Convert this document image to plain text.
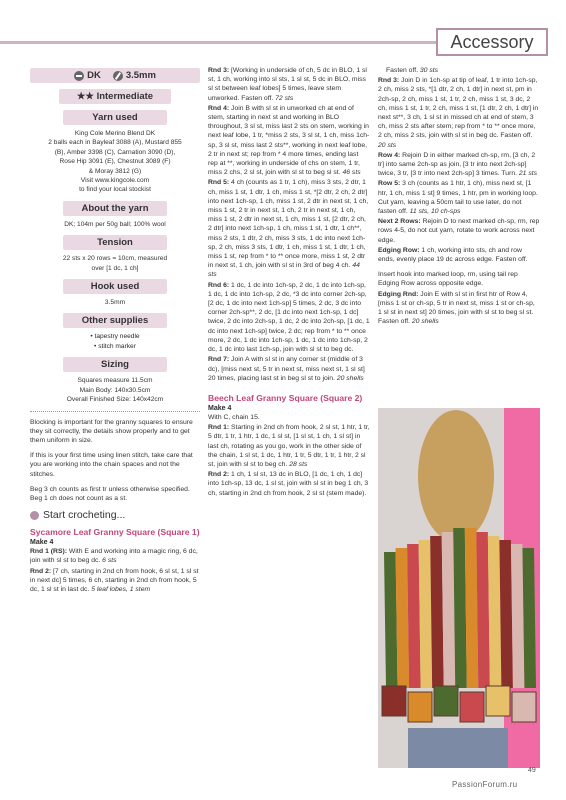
Accessory
DK	3.5mm
★★ Intermediate
Yarn used
King Cole Merino Blend DK
2 balls each in Bayleaf 3088 (A), Mustard 855
(B), Amber 3398 (C), Carnation 3090 (D),
Rose Hip 3091 (E), Chestnut 3089 (F)
& Moray 3812 (G)
Visit www.kingcole.com
to find your local stockist
About the yarn
DK; 104m per 50g ball; 100% wool
Tension
22 sts x 20 rows = 10cm, measured
over [1 dc, 1 ch]
Hook used
3.5mm
Other supplies
• tapestry needle
• stitch marker
Sizing
Squares measure 11.5cm
Main Body: 140x30.5cm
Overall Finished Size: 140x42cm

Blocking is important for the granny squares to ensure they sit correctly, the details show properly and to get them uniform in size.

If this is your first time using linen stitch, take care that you are working into the chain spaces and not the stitches.

Beg 3 ch counts as first tr unless otherwise specified.

Beg 1 ch does not count as a st.

Start crocheting...
Sycamore Leaf Granny Square (Square 1)
Make 4

Rnd 1 (RS): With E and working into a magic ring, 6 dc, join with sl st to beg dc. 6 sts

Rnd 2: [7 ch, starting in 2nd ch from hook, 6 sl st, 1 sl st in next dc] 5 times, 6 ch, starting in 2nd ch from hook, 5 dc, 1 sl st in last dc. 5 leaf lobes, 1 stem

Rnd 3: [Working in underside of ch, 5 dc in BLO, 1 sl st, 1 ch, working into sl sts, 1 sl st, 5 dc in BLO, miss sl st between leaf lobes] 5 times, leave stem unworked. Fasten off. 72 sts

Rnd 4: Join B with sl st in unworked ch at end of stem, starting in next st and working in BLO throughout, 3 sl st, miss last 2 sts on stem, working in next leaf lobe, 1 tr, *miss 2 sts, 3 sl st, 1 ch, miss 1ch-sp, 3 sl st, miss last 2 sts**, working in next leaf lobe, 2 tr in next st; rep from * 4 more times, ending last rep at **, working in underside of chs on stem, 1 tr, miss 2 chs, 2 sl st, join with sl st to beg sl st. 46 sts

Rnd 5: 4 ch (counts as 1 tr, 1 ch), miss 3 sts, 2 dtr, 1 ch, miss 1 st, 1 dtr, 1 ch, miss 1 st, *[2 dtr, 2 ch, 2 dtr] into next 1ch-sp, 1 ch, miss 1 st, 2 dtr in next st, 1 ch, miss 1 st, 2 tr in next st, 1 ch, 2 tr in next st, 1 ch, miss 1 st, 2 dtr in next st, 1 ch, miss 1 st, [2 dtr, 2 ch, 2 dtr] into next 1ch-sp, 1 ch, miss 1 st, 1 dtr, 1 ch**, miss 2 sts, 1 dtr, 2 ch, miss 3 sts, 1 dc into next 1ch-sp, 2 ch, miss 3 sts, 1 dtr, 1 ch, miss 1 st, 1 dtr, 1 ch, miss 1 st, rep from * to ** once more, miss 1 st, 2 dtr in next st, 1 ch, join with sl st in 3rd of beg 4 ch. 44 sts

Rnd 6: 1 dc, 1 dc into 1ch-sp, 2 dc, 1 dc into 1ch-sp, 1 dc, 1 dc into 1ch-sp, 2 dc, *3 dc into corner 2ch-sp, [2 dc, 1 dc into next 1ch-sp] 5 times, 2 dc, 3 dc into corner 2ch-sp**, 2 dc, [1 dc into next 1ch-sp, 1 dc] twice, 2 dc into 2ch-sp, 1 dc, 2 dc into 2ch-sp, [1 dc, 1 dc into next 1ch-sp] twice, 2 dc; rep from * to ** once more, 2 dc, 1 dc into 1ch-sp, 1 dc, 1 dc into 1ch-sp, 2 dc, 1 dc into last 1ch-sp, join with sl st to beg dc.

Rnd 7: Join A with sl st in any corner st (middle of 3 dc), [miss next st, 5 tr in next st, miss next st, 1 sl st] 20 times, placing last st in beg sl st to join. 20 shells

Beech Leaf Granny Square (Square 2)
Make 4

With C, chain 15.

Rnd 1: Starting in 2nd ch from hook, 2 sl st, 1 htr, 1 tr, 5 dtr, 1 tr, 1 htr, 1 dc, 1 sl st, [1 sl st, 1 ch, 1 sl st] in last ch, rotating as you go, work in the other side of the chain, 1 sl st, 1 dc, 1 htr, 1 tr, 5 dtr, 1 tr, 1 htr, 2 sl st, join with sl st to beg ch. 28 sts

Rnd 2: 1 ch, 1 sl st, 13 dc in BLO, [1 dc, 1 ch, 1 dc] into 1ch-sp, 13 dc, 1 sl st, join with sl st in beg 1 ch, 3 ch, starting in 2nd ch from hook, 2 sl st (stem made).

Fasten off. 30 sts

Rnd 3: Join D in 1ch-sp at tip of leaf, 1 tr into 1ch-sp, 2 ch, miss 2 sts, *[1 dtr, 2 ch, 1 dtr] in next st, pm in 2ch-sp, 2 ch, miss 1 st, 1 tr, 2 ch, miss 1 st, 3 dc, 2 ch, miss 1 st, 1 tr, 2 ch, miss 1 st, [1 dtr, 2 ch, 1 dtr] in next st**, 3 ch, 1 sl st in missed ch at end of stem, 3 ch, miss 2 sts after stem; rep from * to ** once more, 2 ch, miss 2 sts, join with sl st in beg dc. Fasten off. 20 sts

Row 4: Rejoin D in either marked ch-sp, rm, [3 ch, 2 tr] into same 2ch-sp as join, [3 tr into next 2ch-sp] twice, 3 tr, [3 tr into next 2ch-sp] 3 times. Turn. 21 sts

Row 5: 3 ch (counts as 1 htr, 1 ch), miss next st, [1 htr, 1 ch, miss 1 st] 9 times, 1 htr, pm in working loop. Cut yarn, leaving a 50cm tail to use later, do not fasten off. 11 sts, 10 ch-sps

Next 2 Rows: Rejoin D to next marked ch-sp, rm, rep rows 4-5, do not cut yarn, rotate to work across next edge.

Edging Row: 1 ch, working into sts, ch and row ends, evenly place 19 dc across edge. Fasten off.

Insert hook into marked loop, rm, using tail rep Edging Row across opposite edge.

Edging Rnd: Join E with sl st in first htr of Row 4, [miss 1 st or ch-sp, 5 tr in next st, miss 1 st or ch-sp, 1 sl st in next st] 20 times, join with sl st to beg sl st. Fasten off. 20 shells

49
PassionForum.ru
